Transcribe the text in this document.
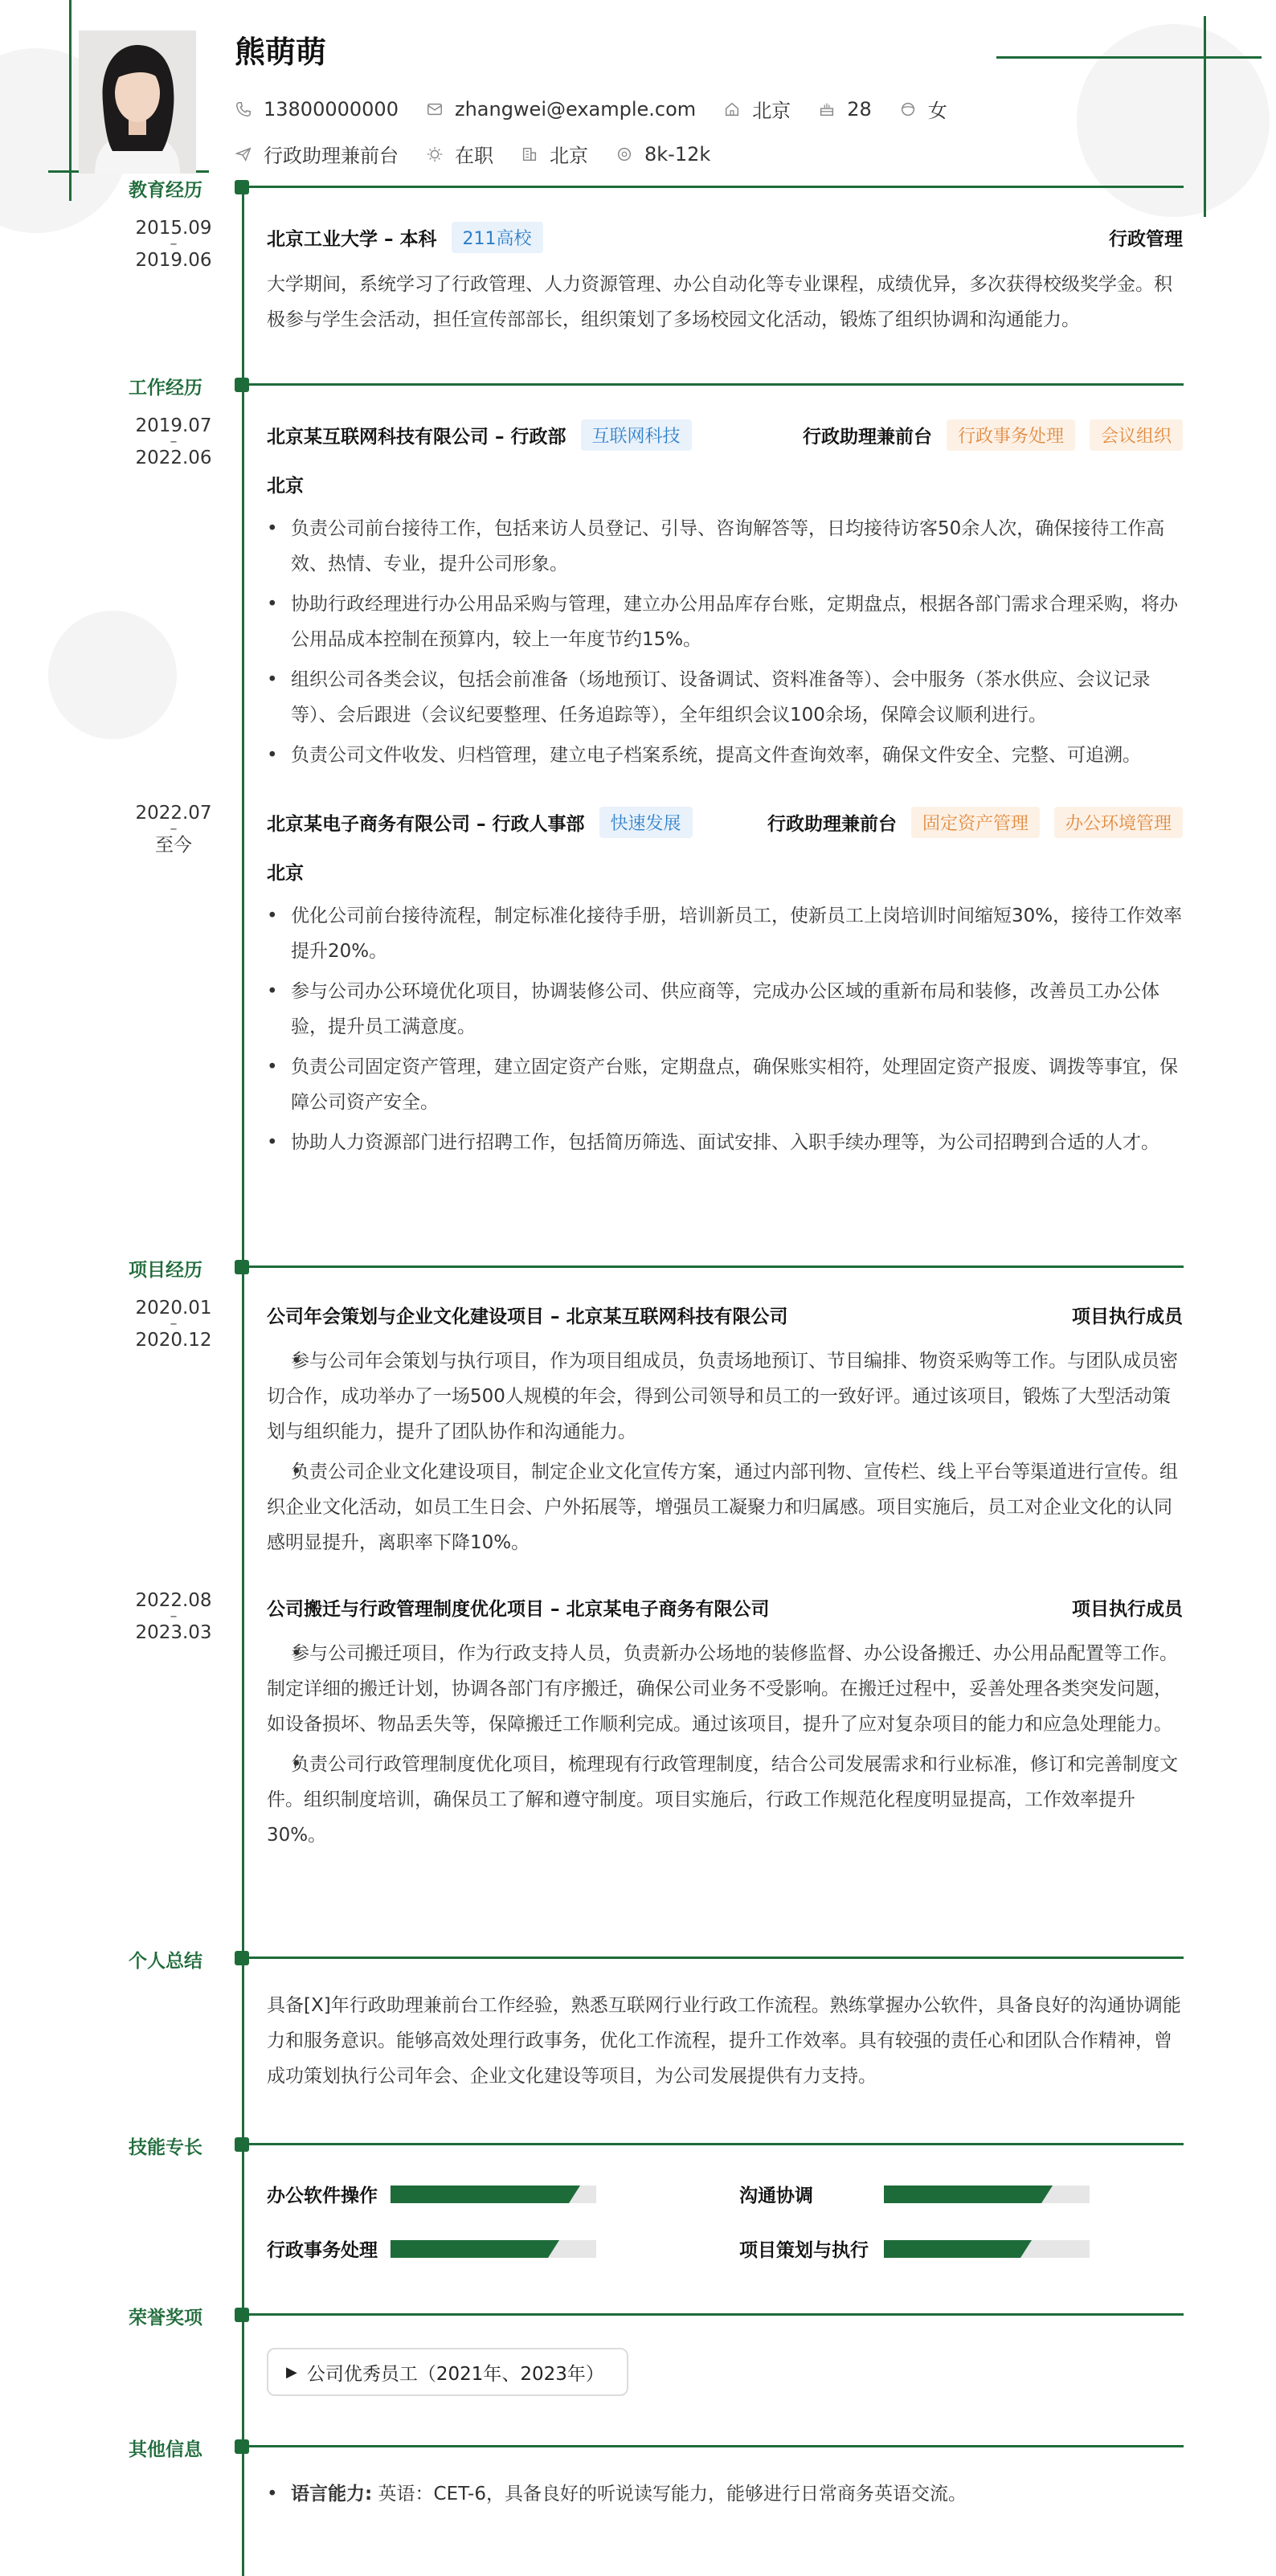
熊萌萌
13800000000	zhangwei@example.com	北京	28	女
行政助理兼前台	在职	北京	8k-12k
教育经历
2015.09
–
2019.06
北京工业大学 – 本科	211高校	行政管理
大学期间，系统学习了行政管理、人力资源管理、办公自动化等专业课程，成绩优异，多次获得校级奖学金。积极参与学生会活动，担任宣传部部长，组织策划了多场校园文化活动，锻炼了组织协调和沟通能力。
工作经历
2019.07
–
2022.06
北京某互联网科技有限公司 – 行政部	互联网科技	行政助理兼前台	行政事务处理	会议组织
北京
• 负责公司前台接待工作，包括来访人员登记、引导、咨询解答等，日均接待访客50余人次，确保接待工作高效、热情、专业，提升公司形象。
• 协助行政经理进行办公用品采购与管理，建立办公用品库存台账，定期盘点，根据各部门需求合理采购，将办公用品成本控制在预算内，较上一年度节约15%。
• 组织公司各类会议，包括会前准备（场地预订、设备调试、资料准备等）、会中服务（茶水供应、会议记录等）、会后跟进（会议纪要整理、任务追踪等），全年组织会议100余场，保障会议顺利进行。
• 负责公司文件收发、归档管理，建立电子档案系统，提高文件查询效率，确保文件安全、完整、可追溯。
2022.07
–
至今
北京某电子商务有限公司 – 行政人事部	快速发展	行政助理兼前台	固定资产管理	办公环境管理
北京
• 优化公司前台接待流程，制定标准化接待手册，培训新员工，使新员工上岗培训时间缩短30%，接待工作效率提升20%。
• 参与公司办公环境优化项目，协调装修公司、供应商等，完成办公区域的重新布局和装修，改善员工办公体验，提升员工满意度。
• 负责公司固定资产管理，建立固定资产台账，定期盘点，确保账实相符，处理固定资产报废、调拨等事宜，保障公司资产安全。
• 协助人力资源部门进行招聘工作，包括简历筛选、面试安排、入职手续办理等，为公司招聘到合适的人才。
项目经历
2020.01
–
2020.12
公司年会策划与企业文化建设项目 – 北京某互联网科技有限公司	项目执行成员
• 参与公司年会策划与执行项目，作为项目组成员，负责场地预订、节目编排、物资采购等工作。与团队成员密切合作，成功举办了一场500人规模的年会，得到公司领导和员工的一致好评。通过该项目，锻炼了大型活动策划与组织能力，提升了团队协作和沟通能力。
• 负责公司企业文化建设项目，制定企业文化宣传方案，通过内部刊物、宣传栏、线上平台等渠道进行宣传。组织企业文化活动，如员工生日会、户外拓展等，增强员工凝聚力和归属感。项目实施后，员工对企业文化的认同感明显提升，离职率下降10%。
2022.08
–
2023.03
公司搬迁与行政管理制度优化项目 – 北京某电子商务有限公司	项目执行成员
• 参与公司搬迁项目，作为行政支持人员，负责新办公场地的装修监督、办公设备搬迁、办公用品配置等工作。制定详细的搬迁计划，协调各部门有序搬迁，确保公司业务不受影响。在搬迁过程中，妥善处理各类突发问题，如设备损坏、物品丢失等，保障搬迁工作顺利完成。通过该项目，提升了应对复杂项目的能力和应急处理能力。
• 负责公司行政管理制度优化项目，梳理现有行政管理制度，结合公司发展需求和行业标准，修订和完善制度文件。组织制度培训，确保员工了解和遵守制度。项目实施后，行政工作规范化程度明显提高，工作效率提升30%。
个人总结
具备[X]年行政助理兼前台工作经验，熟悉互联网行业行政工作流程。熟练掌握办公软件，具备良好的沟通协调能力和服务意识。能够高效处理行政事务，优化工作流程，提升工作效率。具有较强的责任心和团队合作精神，曾成功策划执行公司年会、企业文化建设等项目，为公司发展提供有力支持。
技能专长
办公软件操作	沟通协调
行政事务处理	项目策划与执行
荣誉奖项
▶ 公司优秀员工（2021年、2023年）
其他信息
• 语言能力: 英语：CET-6，具备良好的听说读写能力，能够进行日常商务英语交流。
